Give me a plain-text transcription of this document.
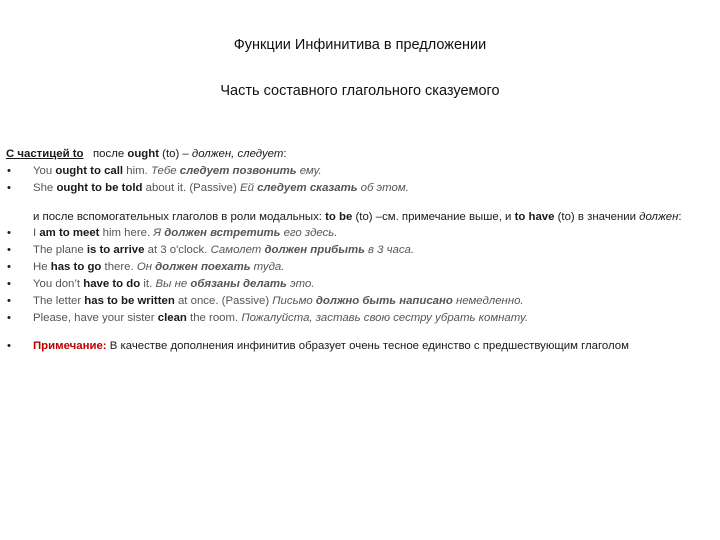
Функции Инфинитива в предложении
Часть составного глагольного сказуемого
С частицей to   после ought (to) – должен, следует:
•	You ought to call him. Тебе следует позвонить ему.
•	She ought to be told about it. (Passive) Ей следует сказать об этом.
и после вспомогательных глаголов в роли модальных: to be (to) –см. примечание выше, и to have (to) в значении должен:
•	I am to meet him here. Я должен встретить его здесь.
•	The plane is to arrive at 3 o'clock. Самолет должен прибыть в 3 часа.
•	He has to go there. Он должен поехать туда.
•	You don’t have to do it. Вы не обязаны делать это.
•	The letter has to be written at once. (Passive) Письмо должно быть написано немедленно.
•	Please, have your sister clean the room. Пожалуйста, заставь свою сестру убрать комнату.
•	Примечание: В качестве дополнения инфинитив образует очень тесное единство с предшествующим глаголом
